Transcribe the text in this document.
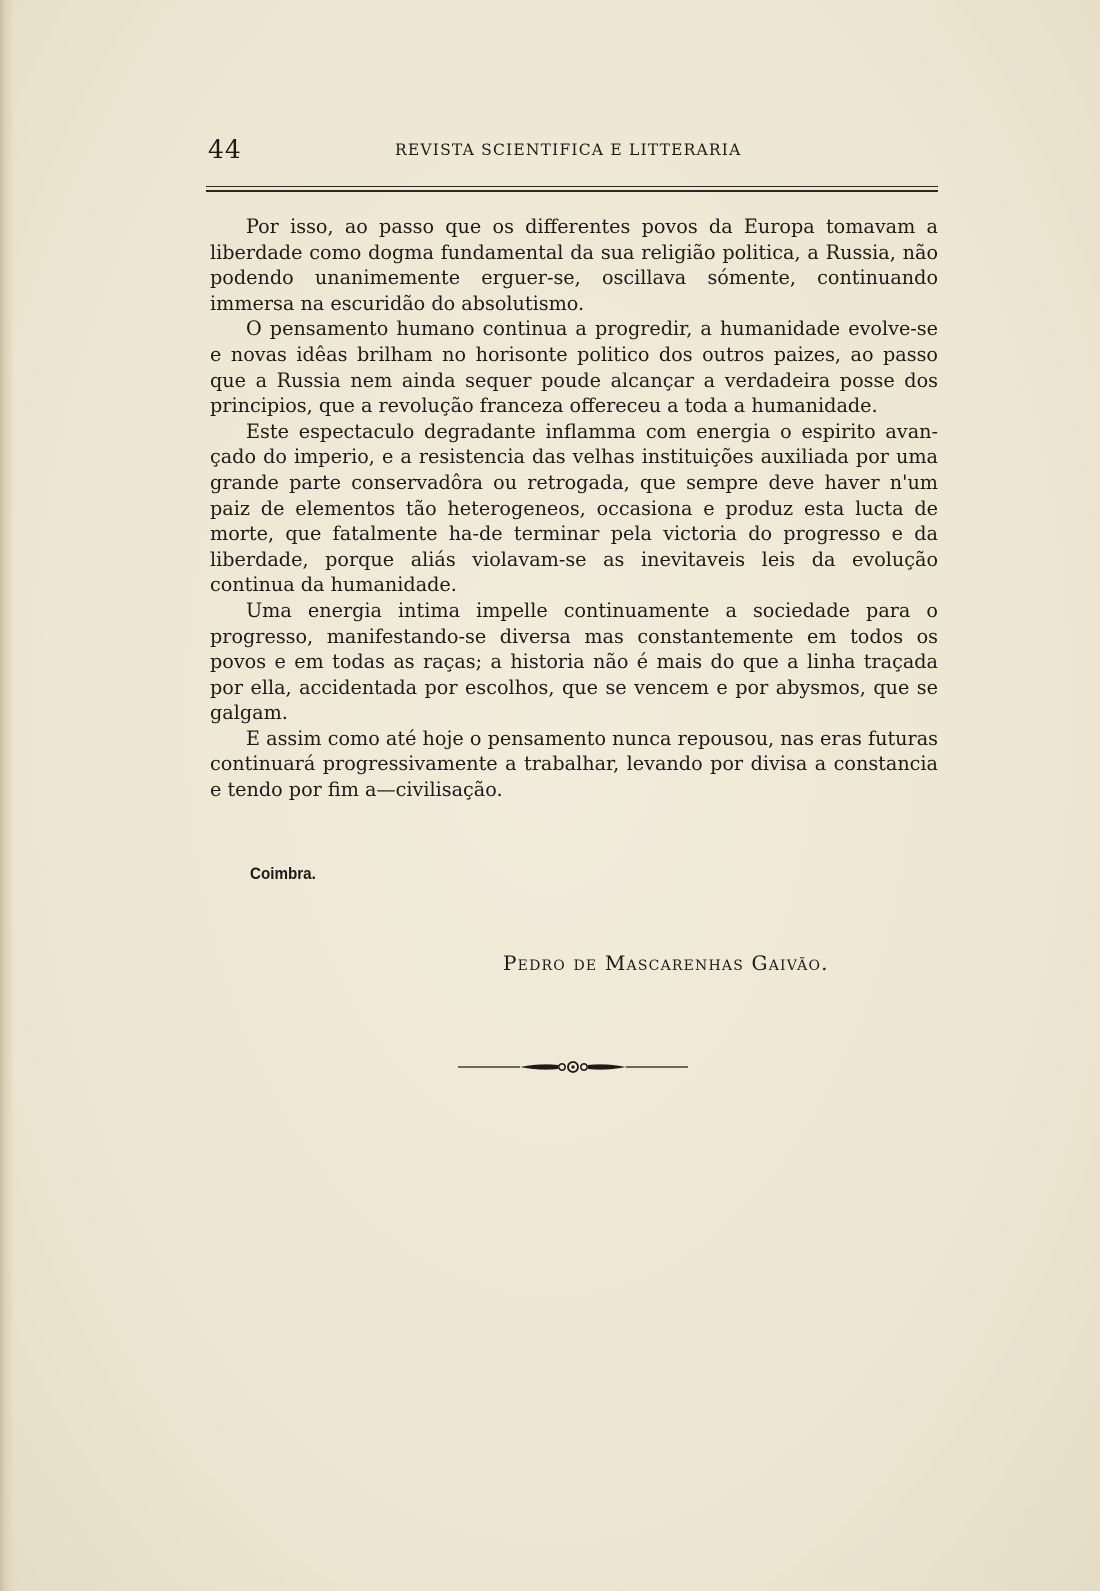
44	REVISTA SCIENTIFICA E LITTERARIA

Por isso, ao passo que os differentes povos da Europa tomavam a liberdade como dogma fundamental da sua religião politica, a Russia, não podendo unanimemente erguer-se, oscillava sómente, continuando immersa na escuridão do absolutismo.

O pensamento humano continua a progredir, a humanidade evolve-se e novas idêas brilham no horisonte politico dos outros paizes, ao passo que a Russia nem ainda sequer poude alcançar a verdadeira posse dos principios, que a revolução franceza offereceu a toda a humanidade.

Este espectaculo degradante inflamma com energia o espirito avançado do imperio, e a resistencia das velhas instituições auxiliada por uma grande parte conservadôra ou retrogada, que sempre deve haver n'um paiz de elementos tão heterogeneos, occasiona e produz esta lucta de morte, que fatalmente ha-de terminar pela victoria do progresso e da liberdade, porque aliás violavam-se as inevitaveis leis da evolução continua da humanidade.

Uma energia intima impelle continuamente a sociedade para o progresso, manifestando-se diversa mas constantemente em todos os povos e em todas as raças; a historia não é mais do que a linha traçada por ella, accidentada por escolhos, que se vencem e por abysmos, que se galgam.

E assim como até hoje o pensamento nunca repousou, nas eras futuras continuará progressivamente a trabalhar, levando por divisa a constancia e tendo por fim a—civilisação.

Coimbra.
Pedro de Mascarenhas Gaivão.
